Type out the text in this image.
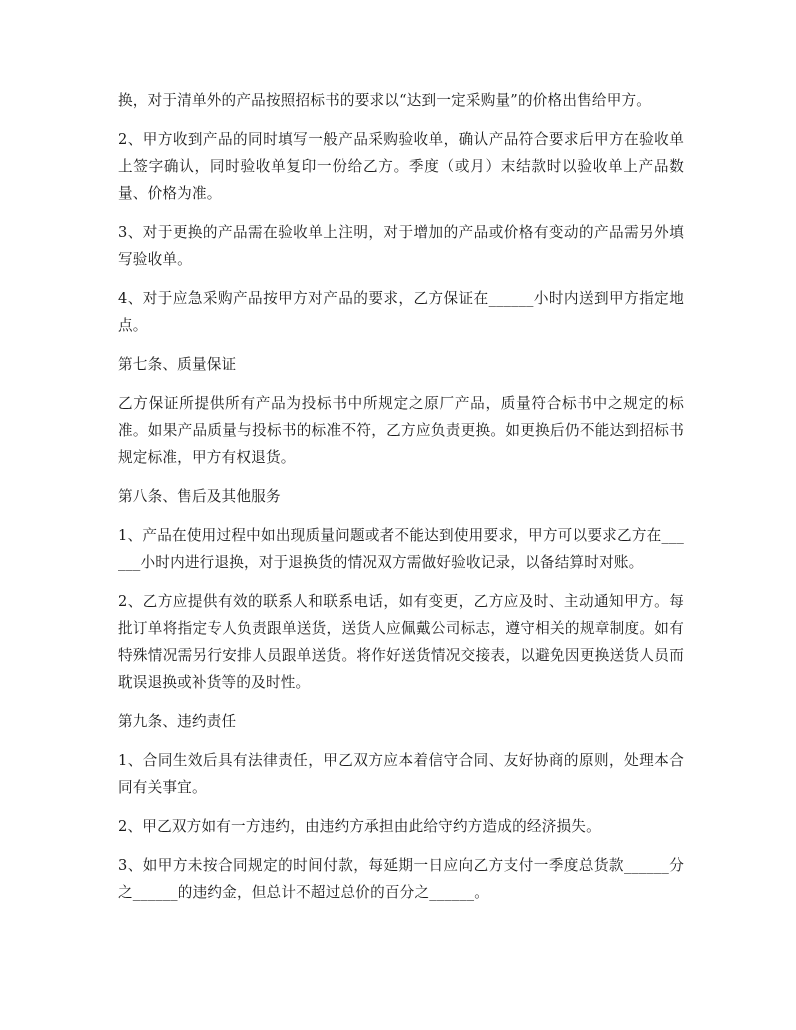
换，对于清单外的产品按照招标书的要求以“达到一定采购量”的价格出售给甲方。

2、甲方收到产品的同时填写一般产品采购验收单，确认产品符合要求后甲方在验收单上签字确认，同时验收单复印一份给乙方。季度（或月）末结款时以验收单上产品数量、价格为准。

3、对于更换的产品需在验收单上注明，对于增加的产品或价格有变动的产品需另外填写验收单。

4、对于应急采购产品按甲方对产品的要求，乙方保证在______小时内送到甲方指定地点。

第七条、质量保证

乙方保证所提供所有产品为投标书中所规定之原厂产品，质量符合标书中之规定的标准。如果产品质量与投标书的标准不符，乙方应负责更换。如更换后仍不能达到招标书规定标准，甲方有权退货。

第八条、售后及其他服务

1、产品在使用过程中如出现质量问题或者不能达到使用要求，甲方可以要求乙方在______小时内进行退换，对于退换货的情况双方需做好验收记录，以备结算时对账。

2、乙方应提供有效的联系人和联系电话，如有变更，乙方应及时、主动通知甲方。每批订单将指定专人负责跟单送货，送货人应佩戴公司标志，遵守相关的规章制度。如有特殊情况需另行安排人员跟单送货。将作好送货情况交接表，以避免因更换送货人员而耽误退换或补货等的及时性。

第九条、违约责任

1、合同生效后具有法律责任，甲乙双方应本着信守合同、友好协商的原则，处理本合同有关事宜。

2、甲乙双方如有一方违约，由违约方承担由此给守约方造成的经济损失。

3、如甲方未按合同规定的时间付款，每延期一日应向乙方支付一季度总货款______分之______的违约金，但总计不超过总价的百分之______。
